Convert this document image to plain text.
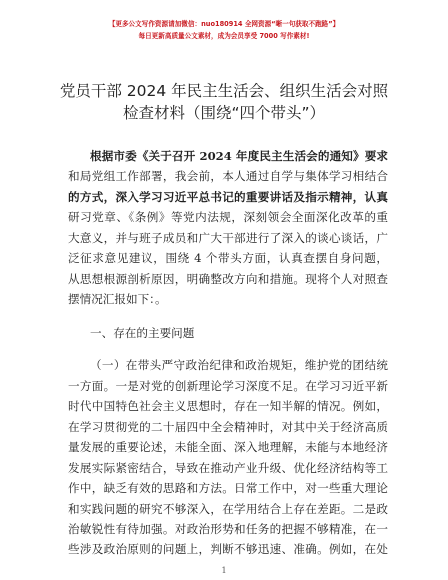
【更多公文写作资源请加微信：nuo180914 全网资源“晰一句获取不跑路”】
每日更新高质量公文素材，成为会员享受 7000 写作素材!
党员干部 2024 年民主生活会、组织生活会对照
检查材料（围绕“四个带头”）
根据市委《关于召开 2024 年度民主生活会的通知》要求
和局党组工作部署，我会前，本人通过自学与集体学习相结合
的方式，深入学习习近平总书记的重要讲话及指示精神，认真
研习党章、《条例》等党内法规，深刻领会全面深化改革的重
大意义，并与班子成员和广大干部进行了深入的谈心谈话，广
泛征求意见建议，围绕 4 个带头方面，认真查摆自身问题，
从思想根源剖析原因，明确整改方向和措施。现将个人对照查
摆情况汇报如下：。
一、存在的主要问题
（一）在带头严守政治纪律和政治规矩，维护党的团结统
一方面。一是对党的创新理论学习深度不足。在学习习近平新
时代中国特色社会主义思想时，存在一知半解的情况。例如，
在学习贯彻党的二十届四中全会精神时，对其中关于经济高质
量发展的重要论述，未能全面、深入地理解，未能与本地经济
发展实际紧密结合，导致在推动产业升级、优化经济结构等工
作中，缺乏有效的思路和方法。日常工作中，对一些重大理论
和实践问题的研究不够深入，在学用结合上存在差距。二是政
治敏锐性有待加强。对政治形势和任务的把握不够精准，在一
些涉及政治原则的问题上，判断不够迅速、准确。例如，在处
1
